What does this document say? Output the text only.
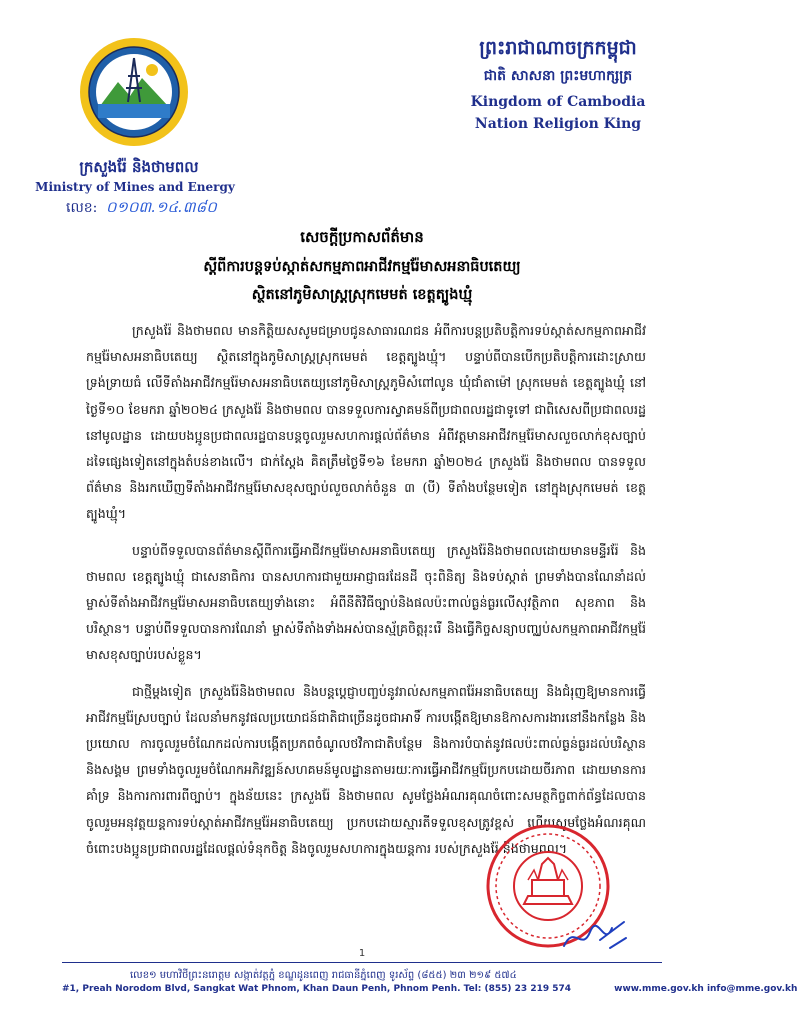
ក្រសួងរ៉ែ និងថាមពល
Ministry of Mines and Energy
លេខ: ០១០៣.១៤.៣៨០
ព្រះរាជាណាចក្រកម្ពុជា
ជាតិ សាសនា ព្រះមហាក្សត្រ
Kingdom of Cambodia
Nation Religion King
សេចក្តីប្រកាសព័ត៌មាន
ស្តីពីការបន្តទប់ស្កាត់សកម្មភាពអាជីវកម្មរ៉ែមាសអនាធិបតេយ្យ
ស្ថិតនៅភូមិសាស្ត្រស្រុកមេមត់ ខេត្តត្បូងឃ្មុំ

ក្រសួងរ៉ែ និងថាមពល មានកិត្តិយសសូមជម្រាបជូនសាធារណជន អំពីការបន្តប្រតិបត្តិការទប់ស្កាត់សកម្មភាពអាជីវកម្មរ៉ែមាសអនាធិបតេយ្យ ស្ថិតនៅក្នុងភូមិសាស្ត្រស្រុកមេមត់ ខេត្តត្បូងឃ្មុំ។ បន្ទាប់ពីបានបើកប្រតិបត្តិការដោះស្រាយទ្រង់ទ្រាយធំ លើទីតាំងអាជីវកម្មរ៉ែមាសអនាធិបតេយ្យនៅភូមិសាស្ត្រភូមិសំពៅលូន ឃុំជាំតាម៉ៅ ស្រុកមេមត់ ខេត្តត្បូងឃ្មុំ នៅថ្ងៃទី១០ ខែមករា ឆ្នាំ២០២៤ ក្រសួងរ៉ែ និងថាមពល បានទទួលការស្វាគមន៍ពីប្រជាពលរដ្ឋជាទូទៅ ជាពិសេសពីប្រជាពលរដ្ឋនៅមូលដ្ឋាន ដោយបងប្អូនប្រជាពលរដ្ឋបានបន្តចូលរួមសហការផ្តល់ព័ត៌មាន អំពីវត្តមានអាជីវកម្មរ៉ែមាសលួចលាក់ខុសច្បាប់ដទៃផ្សេងទៀតនៅក្នុងតំបន់ខាងលើ។ ជាក់ស្តែង គិតត្រឹមថ្ងៃទី១៦ ខែមករា ឆ្នាំ២០២៤ ក្រសួងរ៉ែ និងថាមពល បានទទួលព័ត៌មាន និងរកឃើញទីតាំងអាជីវកម្មរ៉ែមាសខុសច្បាប់លួចលាក់ចំនួន ៣ (បី) ទីតាំងបន្ថែមទៀត នៅក្នុងស្រុកមេមត់ ខេត្តត្បូងឃ្មុំ។

បន្ទាប់ពីទទួលបានព័ត៌មានស្តីពីការធ្វើអាជីវកម្មរ៉ែមាសអនាធិបតេយ្យ ក្រសួងរ៉ែនិងថាមពលដោយមានមន្ទីររ៉ែ និងថាមពល ខេត្តត្បូងឃ្មុំ ជាសេនាធិការ បានសហការជាមួយអាជ្ញាធរដែនដី ចុះពិនិត្យ និងទប់ស្កាត់ ព្រមទាំងបានណែនាំដល់ម្ចាស់ទីតាំងអាជីវកម្មរ៉ែមាសអនាធិបតេយ្យទាំងនោះ អំពីនីតិវិធីច្បាប់និងផលប៉ះពាល់ធ្ងន់ធ្ងរលើសុវត្ថិភាព សុខភាព និងបរិស្ថាន។ បន្ទាប់ពីទទួលបានការណែនាំ ម្ចាស់ទីតាំងទាំងអស់បានស្ម័គ្រចិត្តរុះរើ និងធ្វើកិច្ចសន្យាបញ្ឈប់សកម្មភាពអាជីវកម្មរ៉ែមាសខុសច្បាប់របស់ខ្លួន។

ជាថ្មីម្តងទៀត ក្រសួងរ៉ែនិងថាមពល និងបន្តប្តេជ្ញាបញ្ចប់នូវរាល់សកម្មភាពរ៉ែអនាធិបតេយ្យ និងជំរុញឱ្យមានការធ្វើអាជីវកម្មរ៉ែស្របច្បាប់ ដែលនាំមកនូវផលប្រយោជន៍ជាតិជាច្រើនដូចជាអាទិ៍ ការបង្កើតឱ្យមានឱកាសការងារនៅនឹងកន្លែង និងប្រយោល ការចូលរួមចំណែកដល់ការបង្កើតប្រភពចំណូលថវិកាជាតិបន្ថែម និងការបំបាត់នូវផលប៉ះពាល់ធ្ងន់ធ្ងរដល់បរិស្ថាននិងសង្គម ព្រមទាំងចូលរួមចំណែកអភិវឌ្ឍន៍សហគមន៍មូលដ្ឋានតាមរយៈការធ្វើអាជីវកម្មរ៉ែប្រកបដោយចីរភាព ដោយមានការគាំទ្រ និងការការពារពីច្បាប់។ ក្នុងន័យនេះ ក្រសួងរ៉ែ និងថាមពល សូមថ្លែងអំណរគុណចំពោះសមត្ថកិច្ចពាក់ព័ន្ធដែលបានចូលរួមអនុវត្តយន្តការទប់ស្កាត់អាជីវកម្មរ៉ែអនាធិបតេយ្យ ប្រកបដោយស្មារតីទទួលខុសត្រូវខ្ពស់ ហើយសូមថ្លែងអំណរគុណចំពោះបងប្អូនប្រជាពលរដ្ឋដែលផ្តល់ទំនុកចិត្ត និងចូលរួមសហការក្នុងយន្តការ របស់ក្រសួងរ៉ែ និងថាមពល។

1
លេខ១ មហាវិថីព្រះនរោត្តម សង្កាត់វត្តភ្នំ ខណ្ឌដូនពេញ រាជធានីភ្នំពេញ ទូរស័ព្ទ (៨៥៥) ២៣ ២១៩ ៥៧៤
#1, Preah Norodom Blvd, Sangkat Wat Phnom, Khan Daun Penh, Phnom Penh. Tel: (855) 23 219 574	www.mme.gov.kh info@mme.gov.kh
